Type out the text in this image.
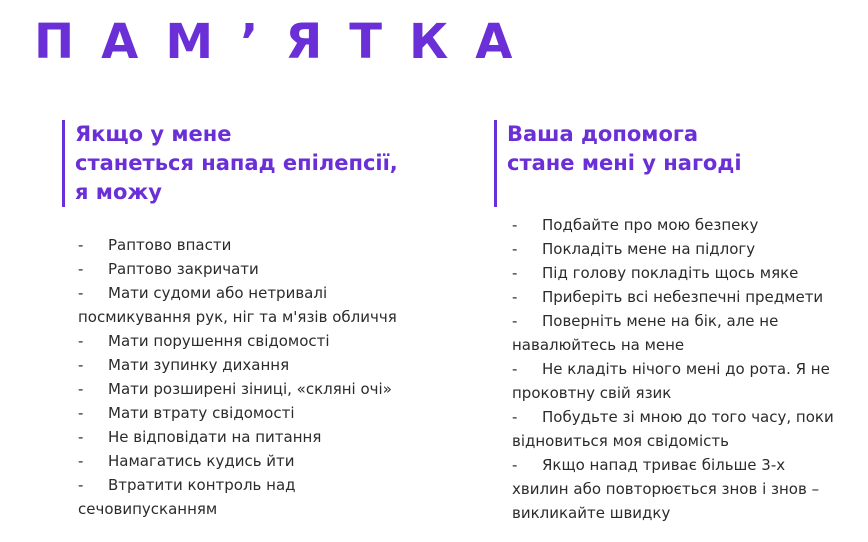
ПАМ’ЯТКА
Якщо у мене
станеться напад епілепсії,
я можу
- Раптово впасти
- Раптово закричати
- Мати судоми або нетривалі
посмикування рук, ніг та м'язів обличчя
- Мати порушення свідомості
- Мати зупинку дихання
- Мати розширені зіниці, «скляні очі»
- Мати втрату свідомості
- Не відповідати на питання
- Намагатись кудись йти
- Втратити контроль над
сечовипусканням
Ваша допомога
стане мені у нагоді
- Подбайте про мою безпеку
- Покладіть мене на підлогу
- Під голову покладіть щось мяке
- Приберіть всі небезпечні предмети
- Поверніть мене на бік, але не
навалюйтесь на мене
- Не кладіть нічого мені до рота. Я не
проковтну свій язик
- Побудьте зі мною до того часу, поки
відновиться моя свідомість
- Якщо напад триває більше 3-х
хвилин або повторюється знов і знов –
викликайте швидку
